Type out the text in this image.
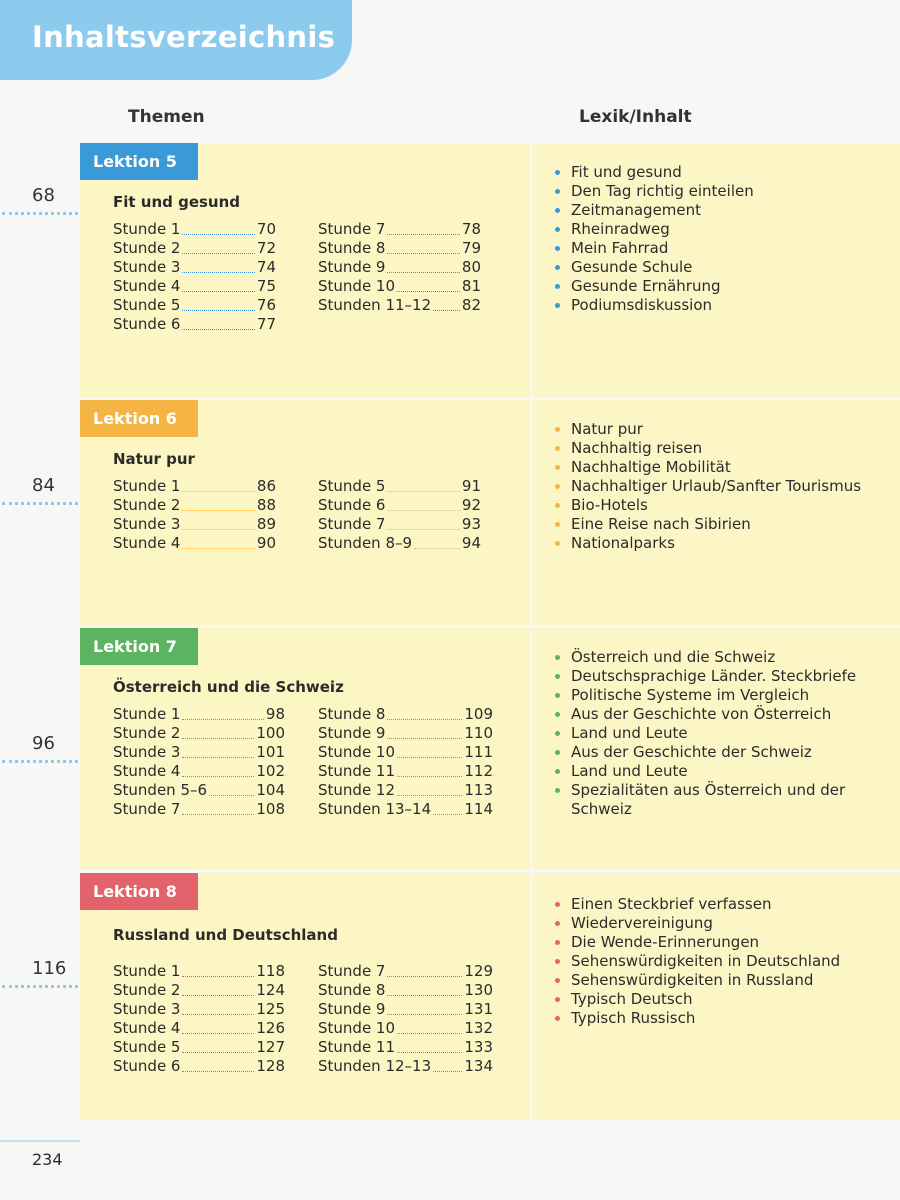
Inhaltsverzeichnis
Themen	Lexik/Inhalt
Lektion 5
Fit und gesund
Stunde 1	70
Stunde 2	72
Stunde 3	74
Stunde 4	75
Stunde 5	76
Stunde 6	77
Stunde 7	78
Stunde 8	79
Stunde 9	80
Stunde 10	81
Stunden 11–12 82
Fit und gesund
Den Tag richtig einteilen
Zeitmanagement
Rheinradweg
Mein Fahrrad
Gesunde Schule
Gesunde Ernährung
Podiumsdiskussion
Lektion 6
Natur pur
Stunde 1	86
Stunde 2	88
Stunde 3	89
Stunde 4	90
Stunde 5	91
Stunde 6	92
Stunde 7	93
Stunden 8–9	94
Natur pur
Nachhaltig reisen
Nachhaltige Mobilität
Nachhaltiger Urlaub/Sanfter Tourismus
Bio-Hotels
Eine Reise nach Sibirien
Nationalparks
Lektion 7
Österreich und die Schweiz
Stunde 1	98
Stunde 2	100
Stunde 3	101
Stunde 4	102
Stunden 5–6	104
Stunde 7	108
Stunde 8	109
Stunde 9	110
Stunde 10	111
Stunde 11	112
Stunde 12	113
Stunden 13–14 114
Österreich und die Schweiz
Deutschsprachige Länder. Steckbriefe
Politische Systeme im Vergleich
Aus der Geschichte von Österreich
Land und Leute
Aus der Geschichte der Schweiz
Land und Leute
Spezialitäten aus Österreich und der Schweiz
Lektion 8
Russland und Deutschland
Stunde 1	118
Stunde 2	124
Stunde 3	125
Stunde 4	126
Stunde 5	127
Stunde 6	128
Stunde 7	129
Stunde 8	130
Stunde 9	131
Stunde 10	132
Stunde 11	133
Stunden 12–13 134
Einen Steckbrief verfassen
Wiedervereinigung
Die Wende-Erinnerungen
Sehenswürdigkeiten in Deutschland
Sehenswürdigkeiten in Russland
Typisch Deutsch
Typisch Russisch
234
68
84
96
116
